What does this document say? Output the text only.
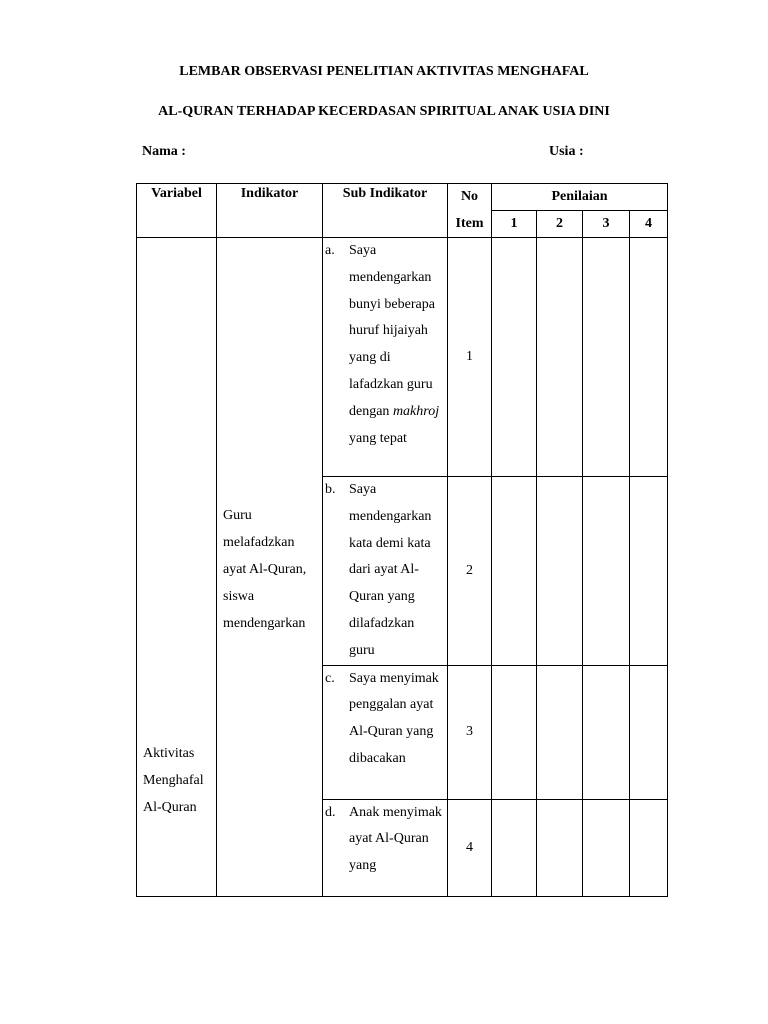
LEMBAR OBSERVASI PENELITIAN AKTIVITAS MENGHAFAL
AL-QURAN TERHADAP KECERDASAN SPIRITUAL ANAK USIA DINI
Nama :	Usia :
Variabel	Indikator	Sub Indikator	No	Penilaian			
			Item	1	2	3	4

Aktivitas Menghafal Al-Quran	Guru melafadzkan ayat Al-Quran, siswa mendengarkan	a. Saya mendengarkan bunyi beberapa huruf hijaiyah yang di lafadzkan guru dengan makhroj yang tepat	1				

		b. Saya mendengarkan kata demi kata dari ayat Al-Quran yang dilafadzkan guru	2				

		c. Saya menyimak penggalan ayat Al-Quran yang dibacakan	3				

		d. Anak menyimak ayat Al-Quran yang	4				
